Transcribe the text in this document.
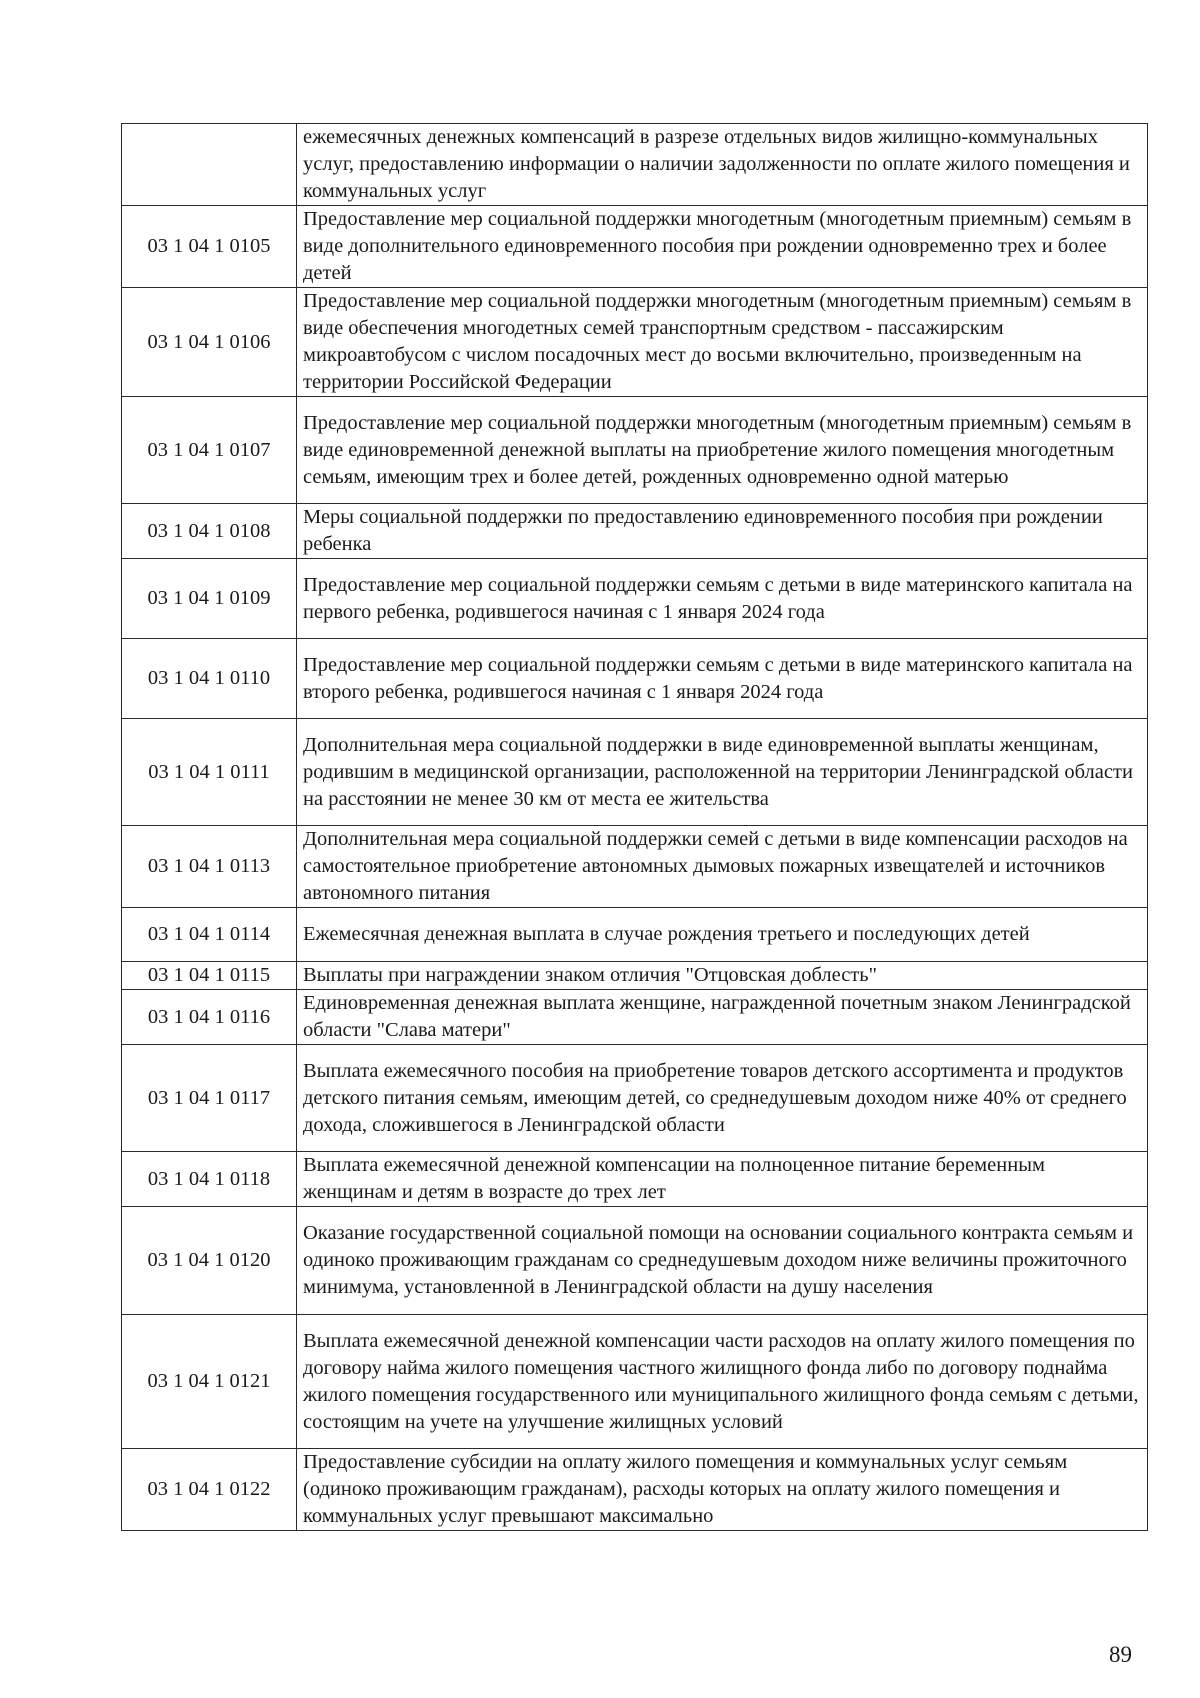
	ежемесячных денежных компенсаций в разрезе отдельных видов жилищно-коммунальных услуг, предоставлению информации о наличии задолженности по оплате жилого помещения и коммунальных услуг
03 1 04 1 0105	Предоставление мер социальной поддержки многодетным (многодетным приемным) семьям в виде дополнительного единовременного пособия при рождении одновременно трех и более детей
03 1 04 1 0106	Предоставление мер социальной поддержки многодетным (многодетным приемным) семьям в виде обеспечения многодетных семей транспортным средством - пассажирским микроавтобусом с числом посадочных мест до восьми включительно, произведенным на территории Российской Федерации
03 1 04 1 0107	Предоставление мер социальной поддержки многодетным (многодетным приемным) семьям в виде единовременной денежной выплаты на приобретение жилого помещения многодетным семьям, имеющим трех и более детей, рожденных одновременно одной матерью
03 1 04 1 0108	Меры социальной поддержки по предоставлению единовременного пособия при рождении ребенка
03 1 04 1 0109	Предоставление мер социальной поддержки семьям с детьми в виде материнского капитала на первого ребенка, родившегося начиная с 1 января 2024 года
03 1 04 1 0110	Предоставление мер социальной поддержки семьям с детьми в виде материнского капитала на второго ребенка, родившегося начиная с 1 января 2024 года
03 1 04 1 0111	Дополнительная мера социальной поддержки в виде единовременной выплаты женщинам, родившим в медицинской организации, расположенной на территории Ленинградской области на расстоянии не менее 30 км от места ее жительства
03 1 04 1 0113	Дополнительная мера социальной поддержки семей с детьми в виде компенсации расходов на самостоятельное приобретение автономных дымовых пожарных извещателей и источников автономного питания
03 1 04 1 0114	Ежемесячная денежная выплата в случае рождения третьего и последующих детей
03 1 04 1 0115	Выплаты при награждении знаком отличия "Отцовская доблесть"
03 1 04 1 0116	Единовременная денежная выплата женщине, награжденной почетным знаком Ленинградской области "Слава матери"
03 1 04 1 0117	Выплата ежемесячного пособия на приобретение товаров детского ассортимента и продуктов детского питания семьям, имеющим детей, со среднедушевым доходом ниже 40% от среднего дохода, сложившегося в Ленинградской области
03 1 04 1 0118	Выплата ежемесячной денежной компенсации на полноценное питание беременным женщинам и детям в возрасте до трех лет
03 1 04 1 0120	Оказание государственной социальной помощи на основании социального контракта семьям и одиноко проживающим гражданам со среднедушевым доходом ниже величины прожиточного минимума, установленной в Ленинградской области на душу населения
03 1 04 1 0121	Выплата ежемесячной денежной компенсации части расходов на оплату жилого помещения по договору найма жилого помещения частного жилищного фонда либо по договору поднайма жилого помещения государственного или муниципального жилищного фонда семьям с детьми, состоящим на учете на улучшение жилищных условий
03 1 04 1 0122	Предоставление субсидии на оплату жилого помещения и коммунальных услуг семьям (одиноко проживающим гражданам), расходы которых на оплату жилого помещения и коммунальных услуг превышают максимально
89
